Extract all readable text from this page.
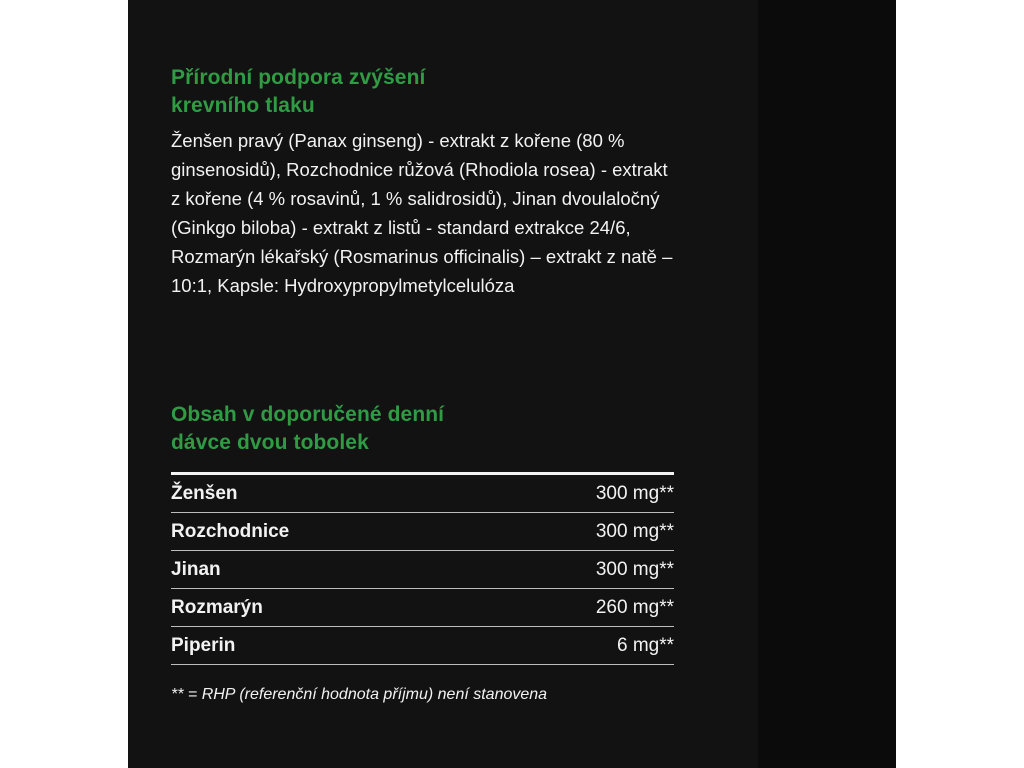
Přírodní podpora zvýšení
krevního tlaku

Ženšen pravý (Panax ginseng) - extrakt z kořene (80 % ginsenosidů), Rozchodnice růžová (Rhodiola rosea) - extrakt z kořene (4 % rosavinů, 1 % salidrosidů), Jinan dvoulaločný (Ginkgo biloba) - extrakt z listů - standard extrakce 24/6, Rozmarýn lékařský (Rosmarinus officinalis) – extrakt z natě – 10:1, Kapsle: Hydroxypropylmetylcelulóza

Obsah v doporučené denní
dávce dvou tobolek
Ženšen	300 mg**
Rozchodnice	300 mg**
Jinan	300 mg**
Rozmarýn	260 mg**
Piperin	6 mg**
** = RHP (referenční hodnota příjmu) není stanovena
